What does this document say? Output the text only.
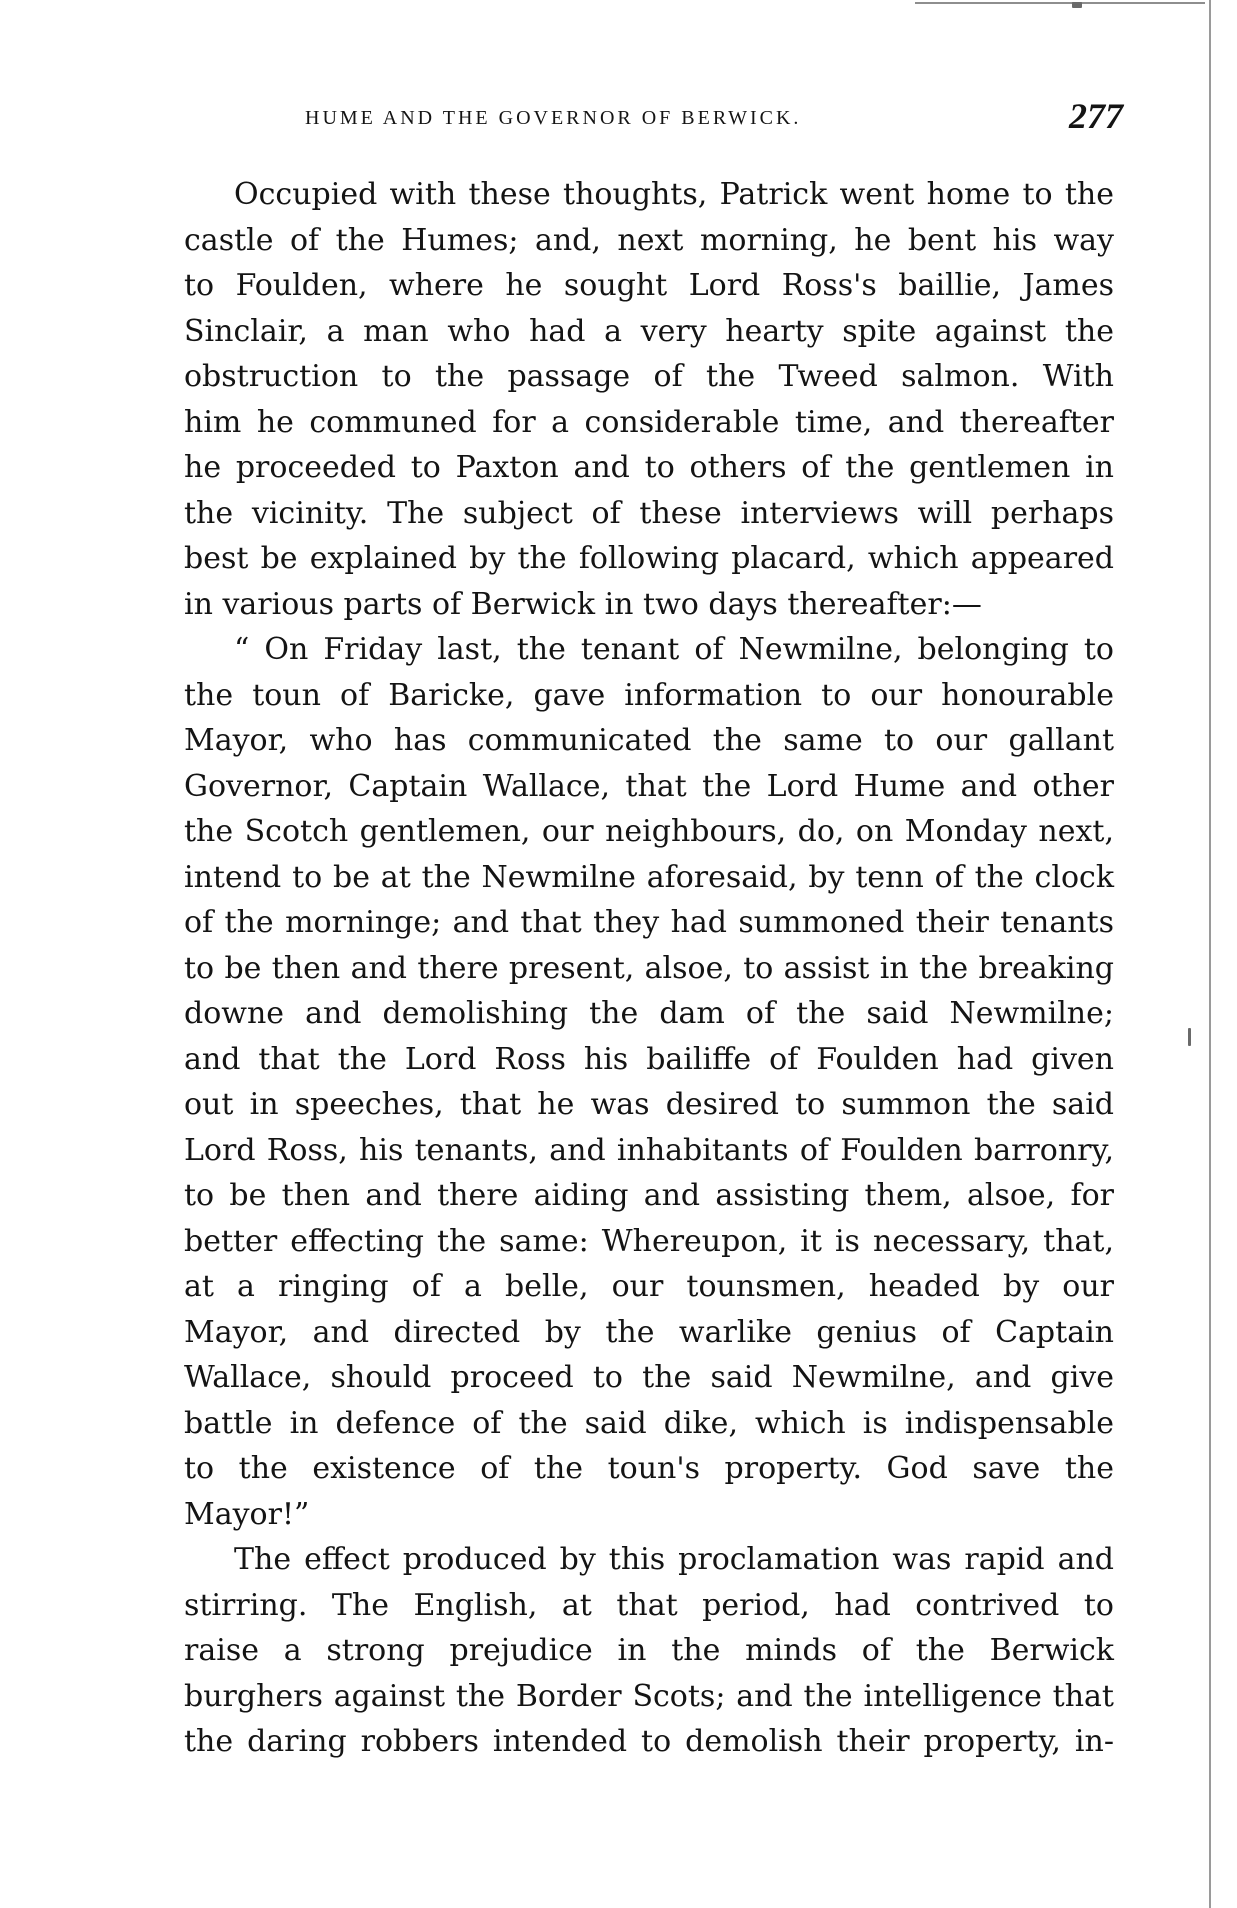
HUME AND THE GOVERNOR OF BERWICK.	277
Occupied with these thoughts, Patrick went home to the
castle of the Humes; and, next morning, he bent his way
to Foulden, where he sought Lord Ross's baillie, James
Sinclair, a man who had a very hearty spite against the
obstruction to the passage of the Tweed salmon. With
him he communed for a considerable time, and thereafter
he proceeded to Paxton and to others of the gentlemen in
the vicinity. The subject of these interviews will perhaps
best be explained by the following placard, which appeared
in various parts of Berwick in two days thereafter:—
“ On Friday last, the tenant of Newmilne, belonging to
the toun of Baricke, gave information to our honourable
Mayor, who has communicated the same to our gallant
Governor, Captain Wallace, that the Lord Hume and other
the Scotch gentlemen, our neighbours, do, on Monday next,
intend to be at the Newmilne aforesaid, by tenn of the clock
of the morninge; and that they had summoned their tenants
to be then and there present, alsoe, to assist in the breaking
downe and demolishing the dam of the said Newmilne;
and that the Lord Ross his bailiffe of Foulden had given
out in speeches, that he was desired to summon the said
Lord Ross, his tenants, and inhabitants of Foulden barronry,
to be then and there aiding and assisting them, alsoe, for
better effecting the same: Whereupon, it is necessary, that,
at a ringing of a belle, our tounsmen, headed by our
Mayor, and directed by the warlike genius of Captain
Wallace, should proceed to the said Newmilne, and give
battle in defence of the said dike, which is indispensable
to the existence of the toun's property. God save the
Mayor!”
The effect produced by this proclamation was rapid and
stirring. The English, at that period, had contrived to
raise a strong prejudice in the minds of the Berwick
burghers against the Border Scots; and the intelligence that
the daring robbers intended to demolish their property, in-
